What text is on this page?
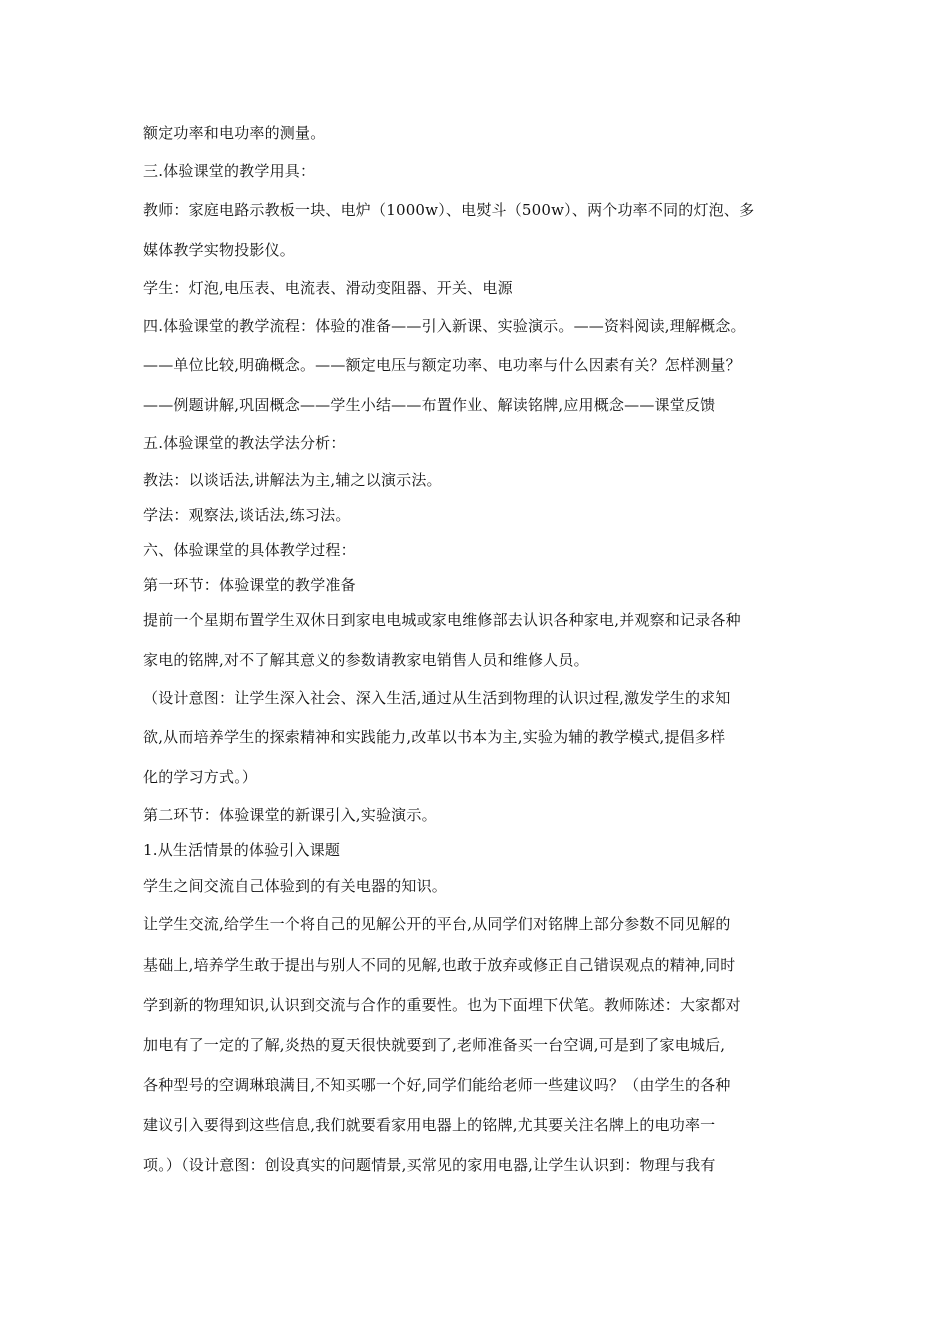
额定功率和电功率的测量。
三.体验课堂的教学用具：
教师：家庭电路示教板一块、电炉（1000w）、电熨斗（500w）、两个功率不同的灯泡、多
媒体教学实物投影仪。
学生：灯泡,电压表、电流表、滑动变阻器、开关、电源
四.体验课堂的教学流程：体验的准备——引入新课、实验演示。——资料阅读,理解概念。
——单位比较,明确概念。——额定电压与额定功率、电功率与什么因素有关？怎样测量？
——例题讲解,巩固概念——学生小结——布置作业、解读铭牌,应用概念——课堂反馈
五.体验课堂的教法学法分析：
教法：以谈话法,讲解法为主,辅之以演示法。
学法：观察法,谈话法,练习法。
六、体验课堂的具体教学过程：
第一环节：体验课堂的教学准备
提前一个星期布置学生双休日到家电电城或家电维修部去认识各种家电,并观察和记录各种
家电的铭牌,对不了解其意义的参数请教家电销售人员和维修人员。
（设计意图：让学生深入社会、深入生活,通过从生活到物理的认识过程,激发学生的求知
欲,从而培养学生的探索精神和实践能力,改革以书本为主,实验为辅的教学模式,提倡多样
化的学习方式。）
第二环节：体验课堂的新课引入,实验演示。
1.从生活情景的体验引入课题
学生之间交流自己体验到的有关电器的知识。
让学生交流,给学生一个将自己的见解公开的平台,从同学们对铭牌上部分参数不同见解的
基础上,培养学生敢于提出与别人不同的见解,也敢于放弃或修正自己错误观点的精神,同时
学到新的物理知识,认识到交流与合作的重要性。也为下面埋下伏笔。教师陈述：大家都对
加电有了一定的了解,炎热的夏天很快就要到了,老师准备买一台空调,可是到了家电城后,
各种型号的空调琳琅满目,不知买哪一个好,同学们能给老师一些建议吗？（由学生的各种
建议引入要得到这些信息,我们就要看家用电器上的铭牌,尤其要关注名牌上的电功率一
项。）（设计意图：创设真实的问题情景,买常见的家用电器,让学生认识到：物理与我有
